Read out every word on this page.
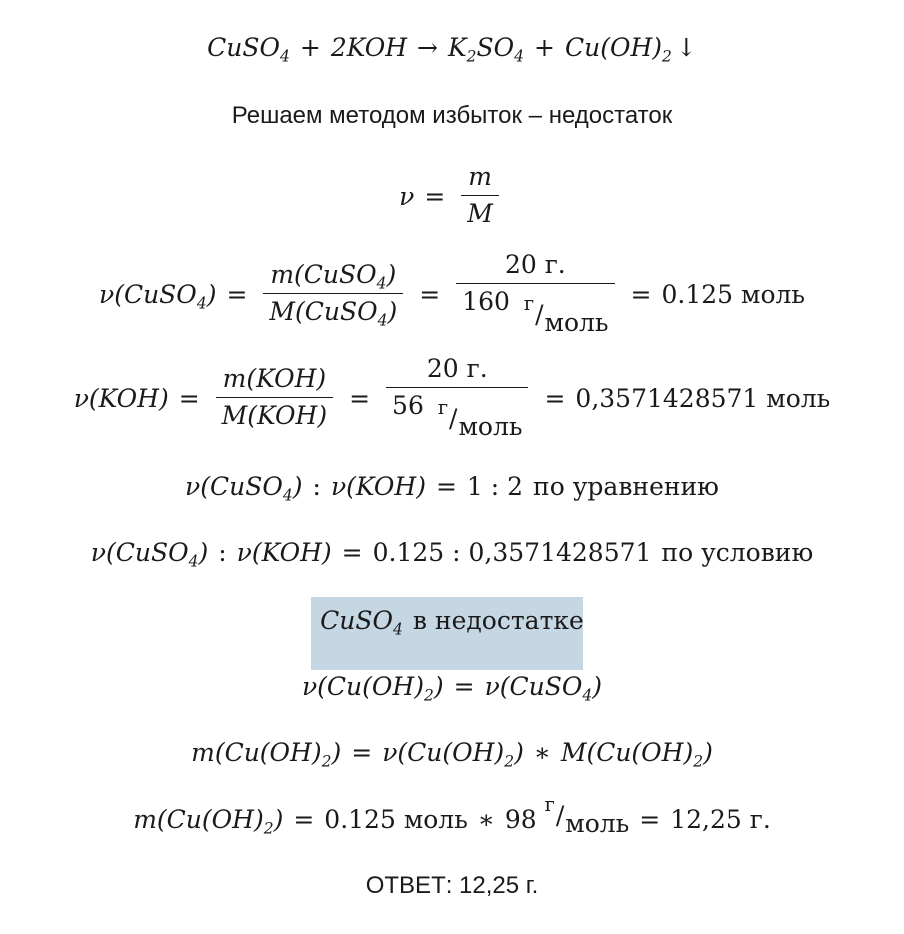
CuSO$_4$ + $2KOH \to K_2SO_4 + Cu(OH)_2$ ↓
Решаем методом избыток – недостаток
$\nu = \frac{m}{M}$
ν(CuSO$_4$) = $\frac{m(CuSO_4)}{M(CuSO_4)} = \frac{20 г.}{\text{160 г / моль}} = 0.125$ моль
$\nu(KOH) = \frac{\text{m(KOH)}}{\text{M(KOH)}} = \frac{20 г.}{\text{56 г / моль}} = 0,3571428571$ моль
ν(CuSO$_4$) : ν(KOH) = 1 : 2 по уравнению
ν(CuSO$_4$) : ν(KOH) = 0.125 : 0,3571428571 по условию
CuSO$_4$ в недостатке
$\nu(Cu(OH)_2)$ = ν(CuSO$_4$)
$m(Cu(OH)_2) = \nu(Cu(OH)_2)$ ∗ $M(Cu(OH)_2)$
$m(Cu(OH)_2) = 0.125$ моль ∗ 98
г / моль = 12,25 г.
ОТВЕТ: 12,25 г.
